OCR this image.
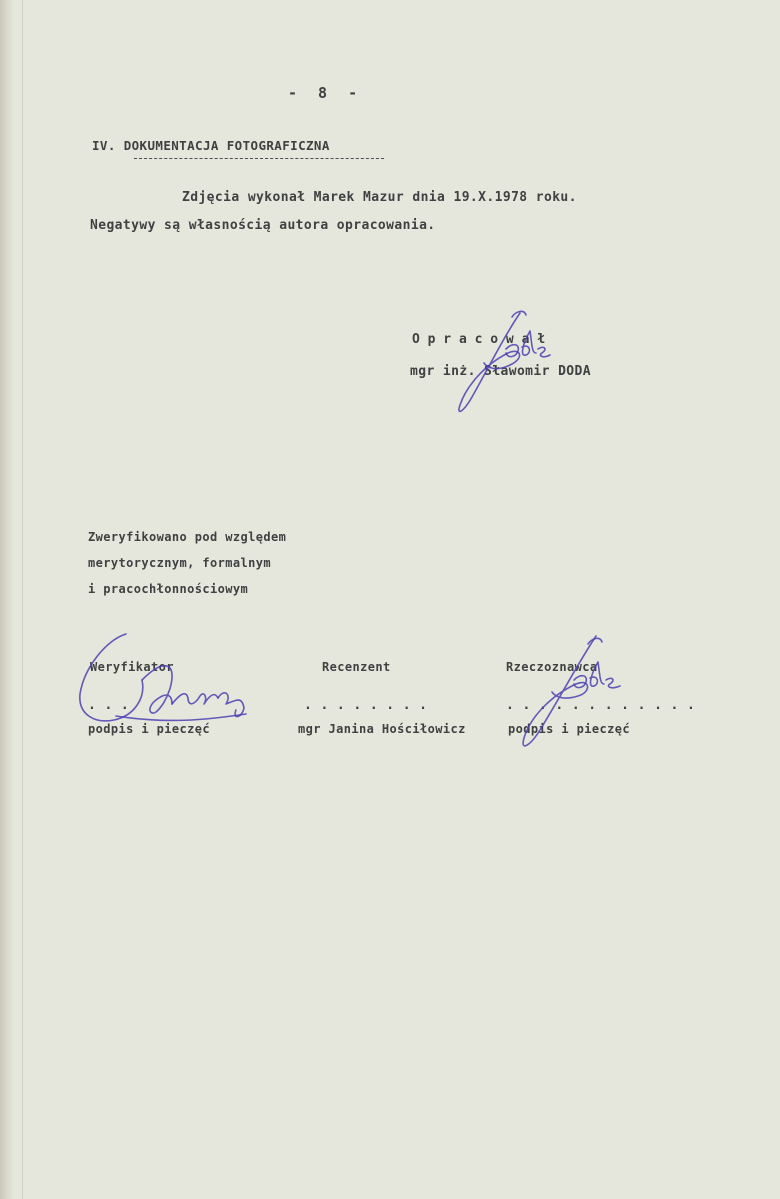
- 8 -
IV. DOKUMENTACJA FOTOGRAFICZNA
Zdjęcia wykonał Marek Mazur dnia 19.X.1978 roku.
Negatywy są własnością autora opracowania.
O p r a c o w a ł
mgr inż. Sławomir DODA
Zweryfikowano pod względem
merytorycznym, formalnym
i pracochłonnościowym
Weryfikator
. . .
podpis i pieczęć
Recenzent
. . . . . . . .
mgr Janina Hościłowicz
Rzeczoznawca
. . . . . . . . . . . .
podpis i pieczęć
